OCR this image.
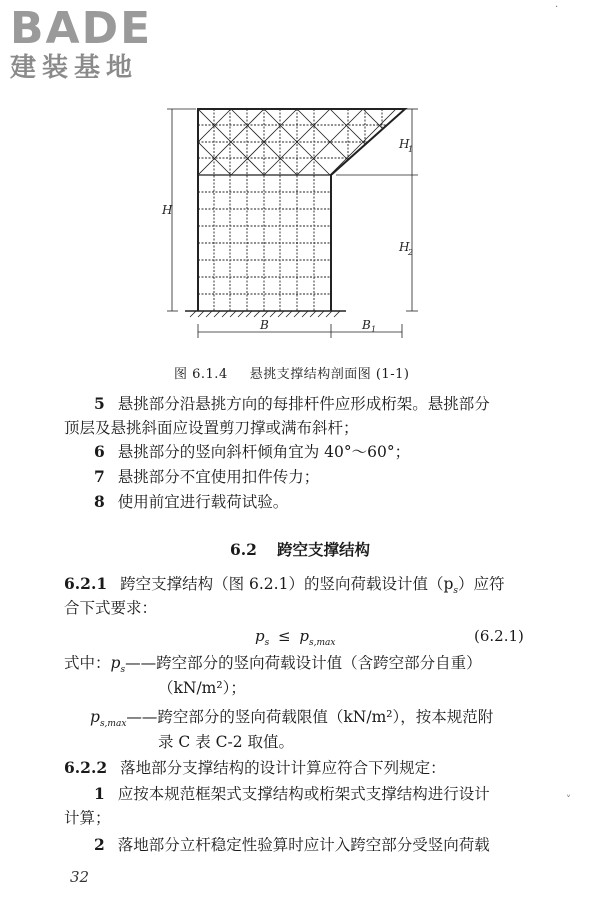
BADE
建装基地
·
˅
H
H
1
H
2
B	B 1
图 6.1.4 悬挑支撑结构剖面图 (1-1)
5 悬挑部分沿悬挑方向的每排杆件应形成桁架。悬挑部分
顶层及悬挑斜面应设置剪刀撑或满布斜杆；
6 悬挑部分的竖向斜杆倾角宜为 40°～60°；
7 悬挑部分不宜使用扣件传力；
8 使用前宜进行载荷试验。
6.2 跨空支撑结构
6.2.1 跨空支撑结构（图 6.2.1）的竖向荷载设计值$(p_s)$应符
合下式要求：
$p_s \le p_{s,max}$	(6.2.1)
式中：$p_s——$跨空部分的竖向荷载设计值（含跨空部分自重）
（kN/m²）；
$p_{s,max}——$跨空部分的竖向荷载限值（kN/m²），按本规范附
录 C 表 C-2 取值。
6.2.2 落地部分支撑结构的设计计算应符合下列规定：
1 应按本规范框架式支撑结构或桁架式支撑结构进行设计
计算；
2 落地部分立杆稳定性验算时应计入跨空部分受竖向荷载
32
